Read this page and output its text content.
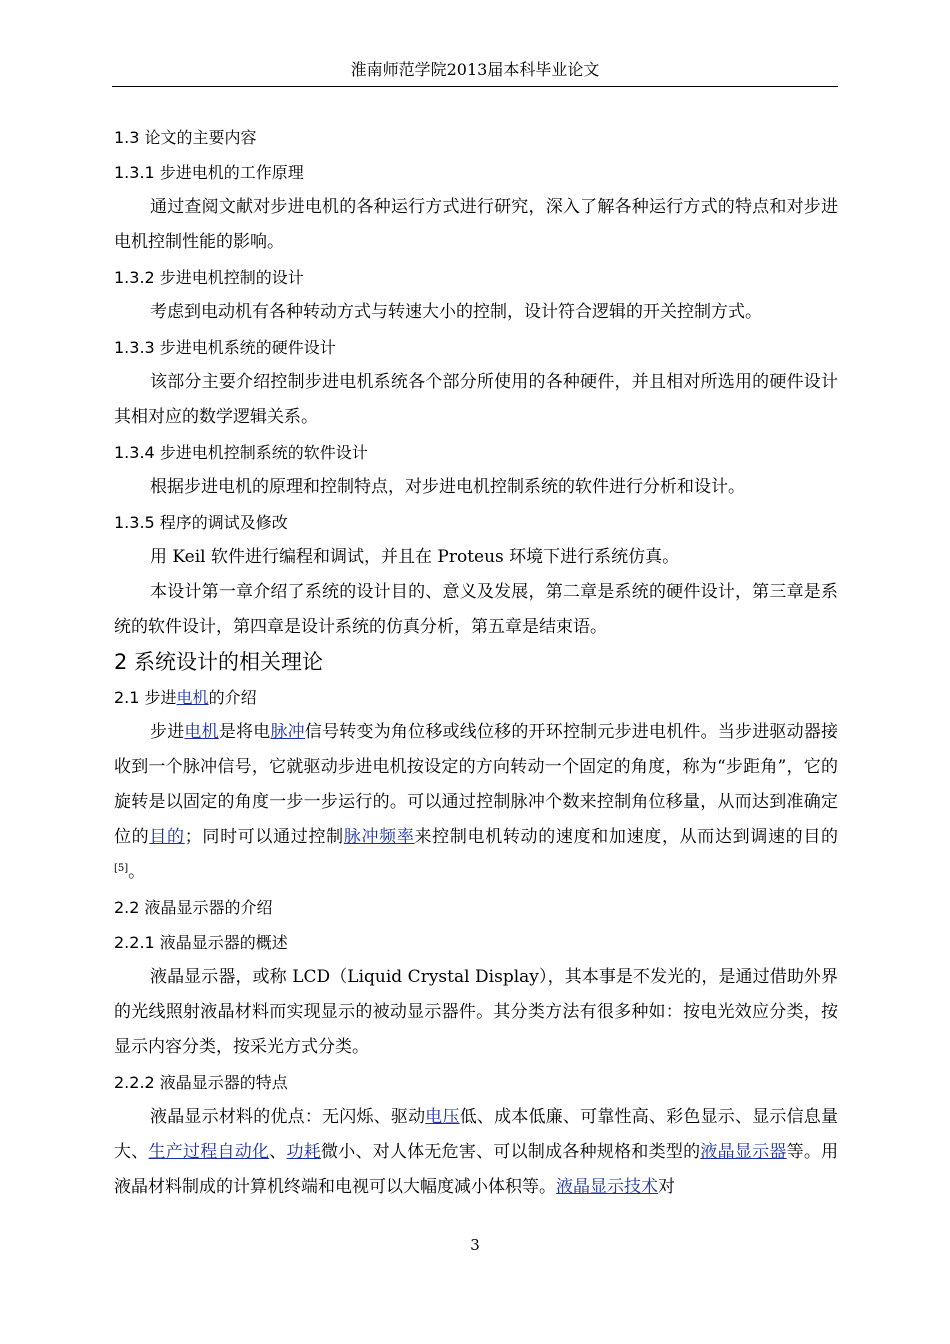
淮南师范学院2013届本科毕业论文
1.3 论文的主要内容
1.3.1 步进电机的工作原理

通过查阅文献对步进电机的各种运行方式进行研究，深入了解各种运行方式的特点和对步进电机控制性能的影响。

1.3.2 步进电机控制的设计

考虑到电动机有各种转动方式与转速大小的控制，设计符合逻辑的开关控制方式。

1.3.3 步进电机系统的硬件设计

该部分主要介绍控制步进电机系统各个部分所使用的各种硬件，并且相对所选用的硬件设计其相对应的数学逻辑关系。

1.3.4 步进电机控制系统的软件设计

根据步进电机的原理和控制特点，对步进电机控制系统的软件进行分析和设计。

1.3.5 程序的调试及修改

用 Keil 软件进行编程和调试，并且在 Proteus 环境下进行系统仿真。

本设计第一章介绍了系统的设计目的、意义及发展，第二章是系统的硬件设计，第三章是系统的软件设计，第四章是设计系统的仿真分析，第五章是结束语。

2 系统设计的相关理论
2.1 步进电机的介绍

步进电机是将电脉冲信号转变为角位移或线位移的开环控制元步进电机件。当步进驱动器接收到一个脉冲信号，它就驱动步进电机按设定的方向转动一个固定的角度，称为“步距角”，它的旋转是以固定的角度一步一步运行的。可以通过控制脉冲个数来控制角位移量，从而达到准确定位的目的；同时可以通过控制脉冲频率来控制电机转动的速度和加速度，从而达到调速的目的[5]。

2.2 液晶显示器的介绍
2.2.1 液晶显示器的概述

液晶显示器，或称 LCD（Liquid Crystal Display），其本事是不发光的，是通过借助外界的光线照射液晶材料而实现显示的被动显示器件。其分类方法有很多种如：按电光效应分类，按显示内容分类，按采光方式分类。

2.2.2 液晶显示器的特点

液晶显示材料的优点：无闪烁、驱动电压低、成本低廉、可靠性高、彩色显示、显示信息量大、生产过程自动化、功耗微小、对人体无危害、可以制成各种规格和类型的液晶显示器等。用液晶材料制成的计算机终端和电视可以大幅度减小体积等。液晶显示技术对

3
